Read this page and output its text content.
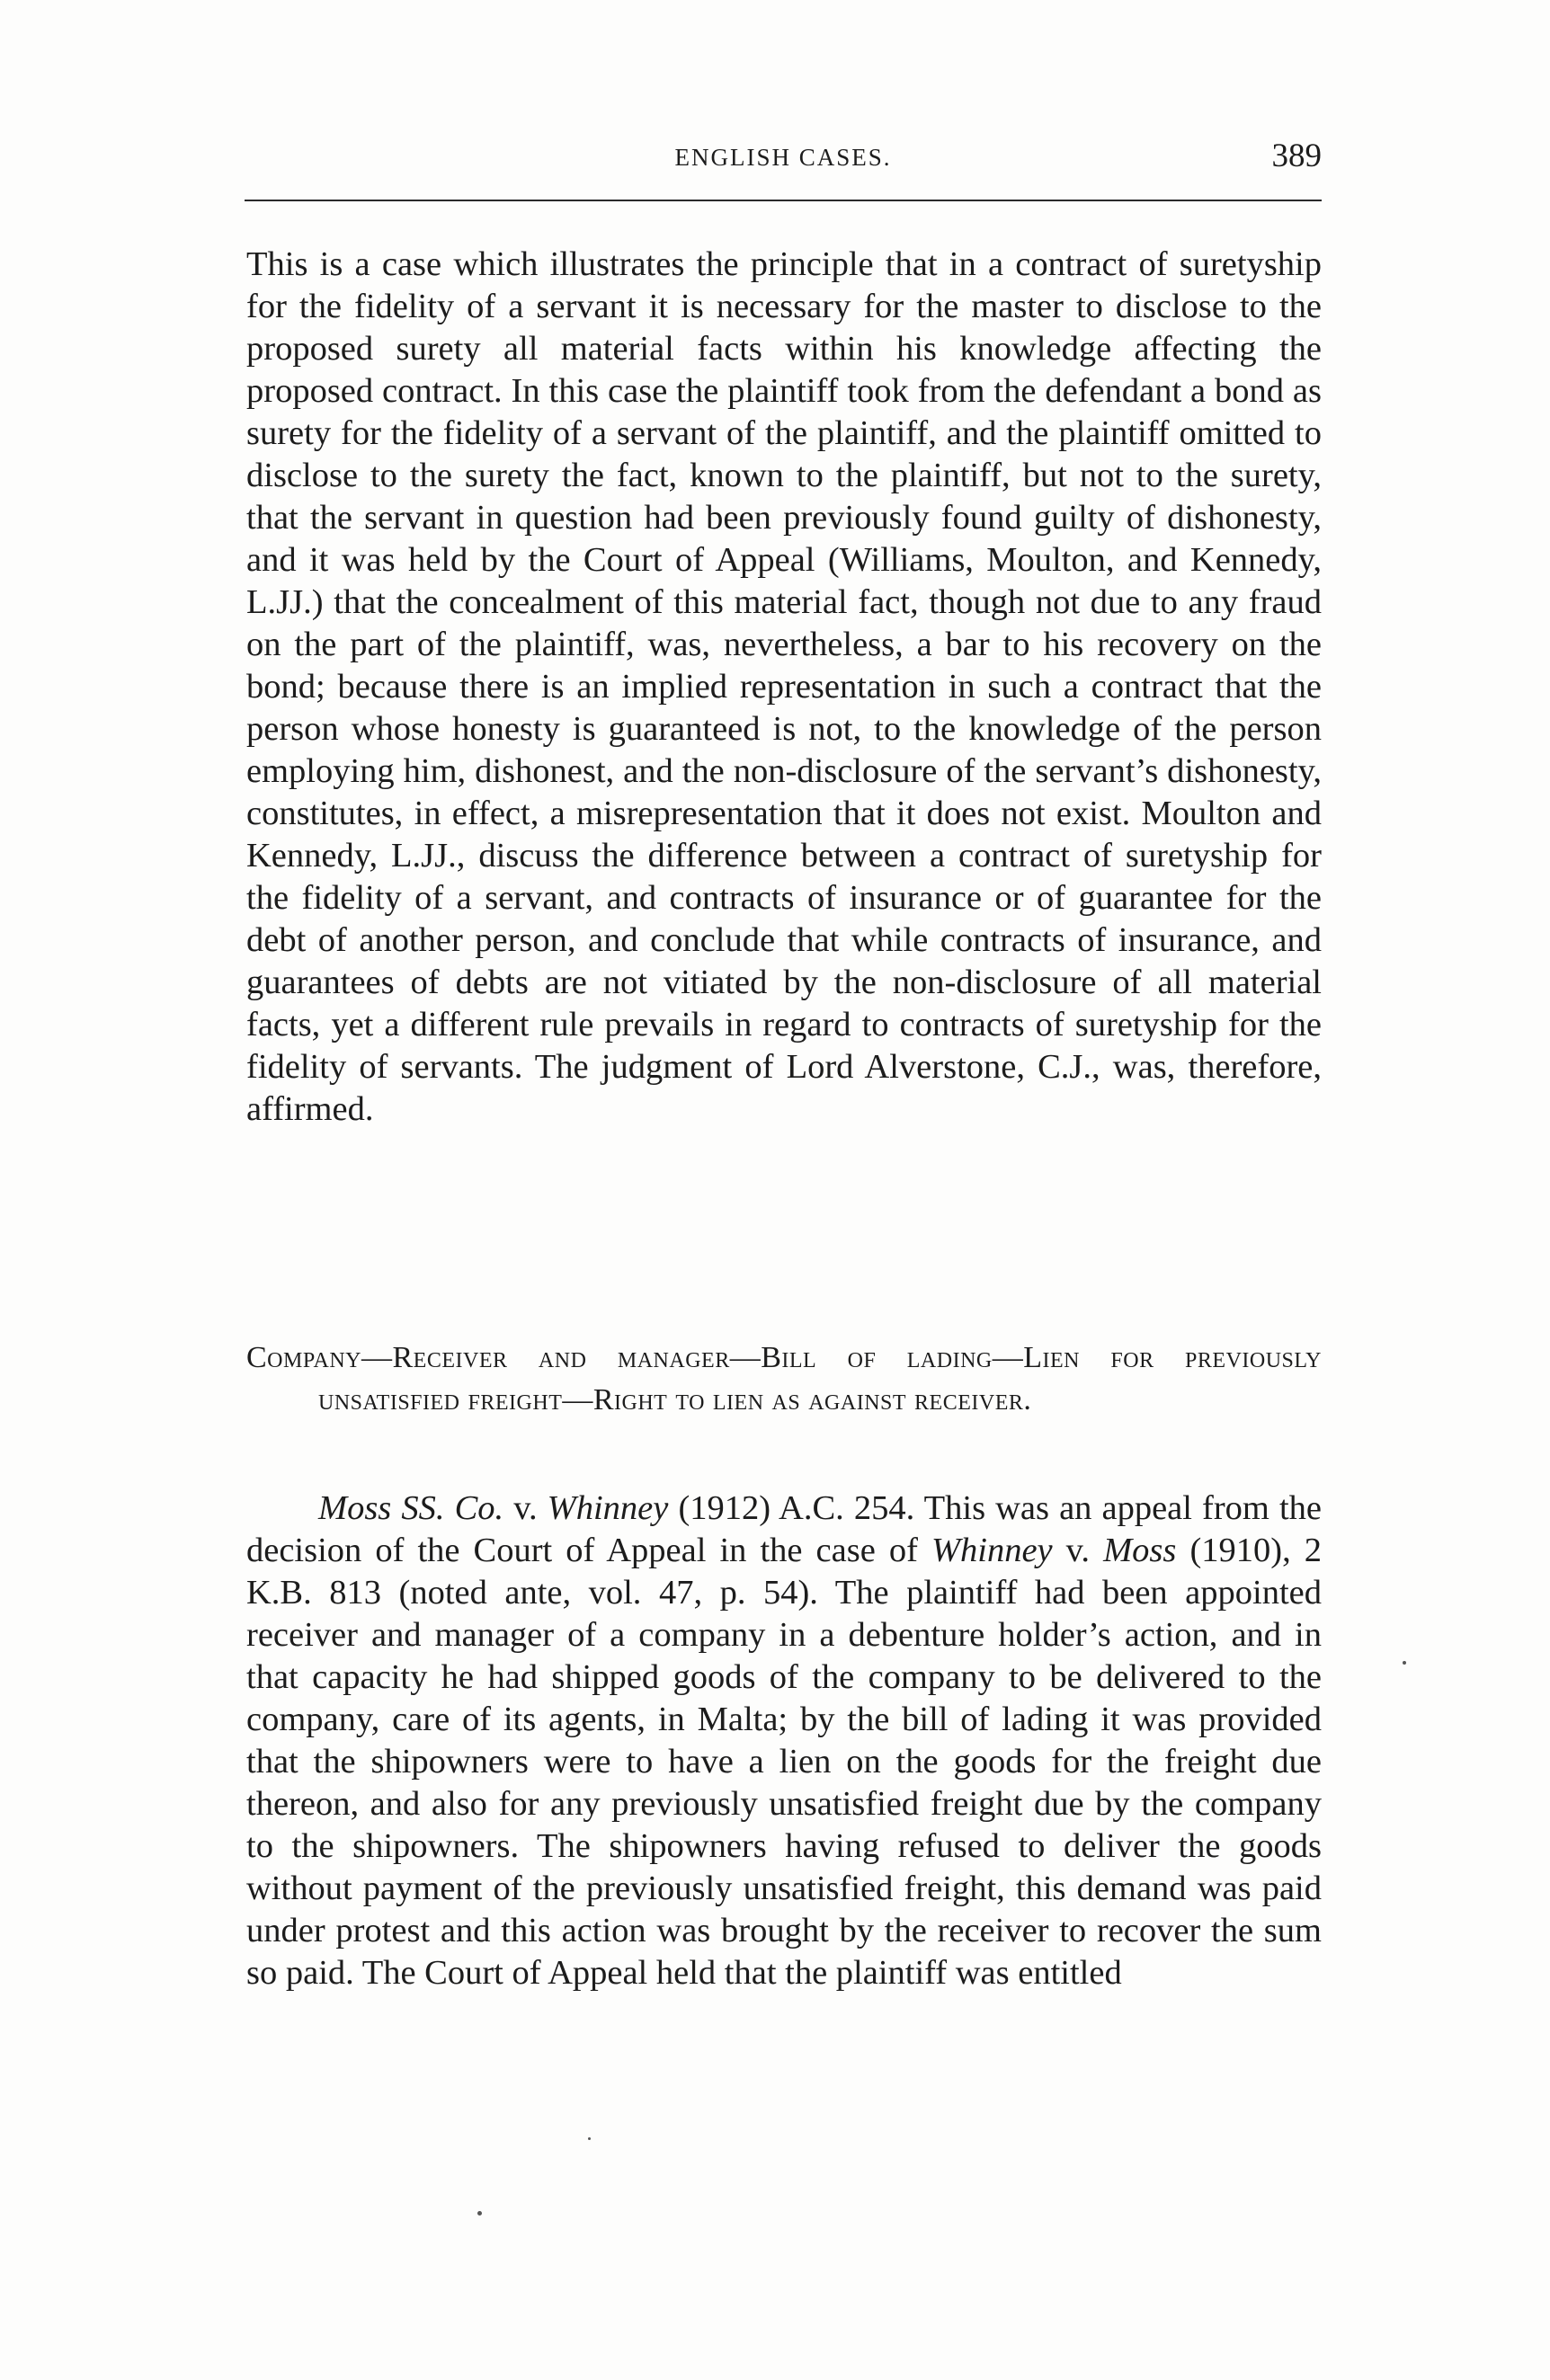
ENGLISH CASES.	389

This is a case which illustrates the principle that in a contract of suretyship for the fidelity of a servant it is necessary for the master to disclose to the proposed surety all material facts within his knowledge affecting the proposed contract. In this case the plaintiff took from the defendant a bond as surety for the fidelity of a servant of the plaintiff, and the plaintiff omitted to disclose to the surety the fact, known to the plaintiff, but not to the surety, that the servant in question had been previously found guilty of dishonesty, and it was held by the Court of Appeal (Williams, Moulton, and Kennedy, L.JJ.) that the concealment of this material fact, though not due to any fraud on the part of the plaintiff, was, nevertheless, a bar to his recovery on the bond; because there is an implied representation in such a contract that the person whose honesty is guaranteed is not, to the knowledge of the person employing him, dishonest, and the non-disclosure of the servant’s dishonesty, constitutes, in effect, a misrepresentation that it does not exist. Moulton and Kennedy, L.JJ., discuss the difference between a contract of suretyship for the fidelity of a servant, and contracts of insurance or of guarantee for the debt of another person, and conclude that while contracts of insurance, and guarantees of debts are not vitiated by the non-disclosure of all material facts, yet a different rule prevails in regard to contracts of suretyship for the fidelity of servants. The judgment of Lord Alverstone, C.J., was, therefore, affirmed.

Company—Receiver and manager—Bill of lading—Lien for previously unsatisfied freight—Right to lien as against receiver.

Moss SS. Co. v. Whinney (1912) A.C. 254. This was an appeal from the decision of the Court of Appeal in the case of Whinney v. Moss (1910), 2 K.B. 813 (noted ante, vol. 47, p. 54). The plaintiff had been appointed receiver and manager of a company in a debenture holder’s action, and in that capacity he had shipped goods of the company to be delivered to the company, care of its agents, in Malta; by the bill of lading it was provided that the shipowners were to have a lien on the goods for the freight due thereon, and also for any previously unsatisfied freight due by the company to the shipowners. The shipowners having refused to deliver the goods without payment of the previously unsatisfied freight, this demand was paid under protest and this action was brought by the receiver to recover the sum so paid. The Court of Appeal held that the plaintiff was entitled
